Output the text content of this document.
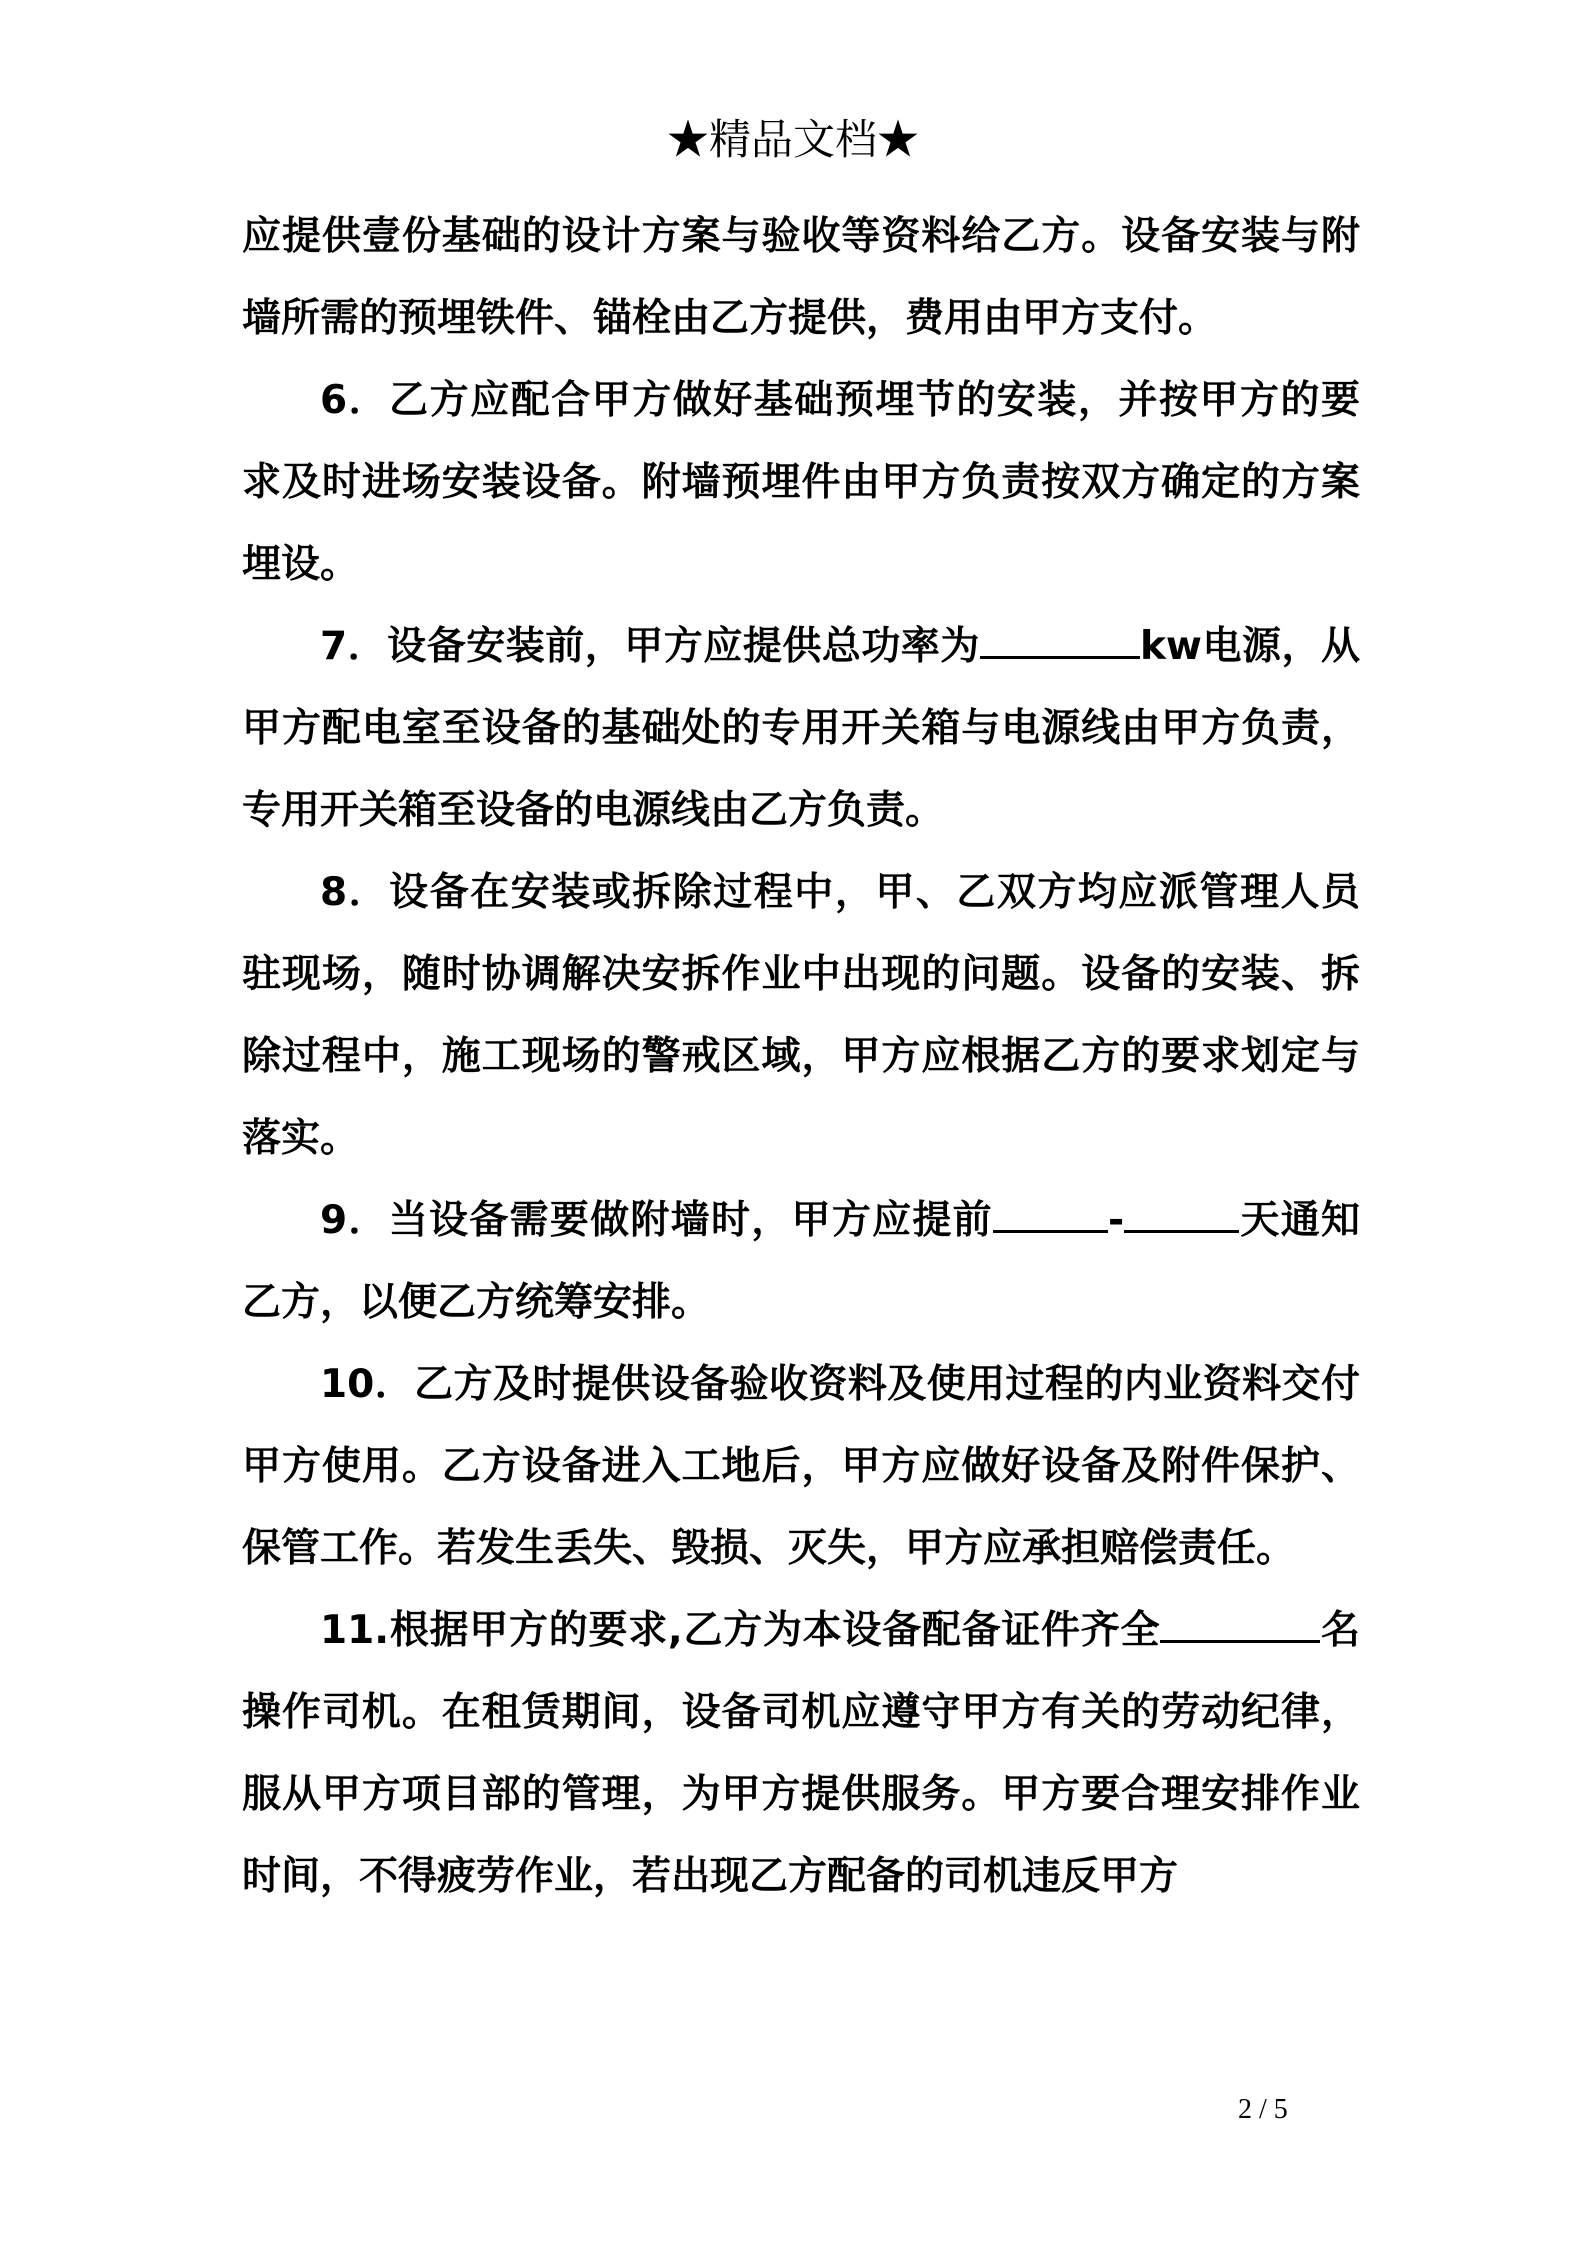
★精品文档★

应提供壹份基础的设计方案与验收等资料给乙方。设备安装与附墙所需的预埋铁件、锚栓由乙方提供，费用由甲方支付。

6．乙方应配合甲方做好基础预埋节的安装，并按甲方的要求及时进场安装设备。附墙预埋件由甲方负责按双方确定的方案埋设。

7．设备安装前，甲方应提供总功率为	kw电源，从甲方配电室至设备的基础处的专用开关箱与电源线由甲方负责，专用开关箱至设备的电源线由乙方负责。

8．设备在安装或拆除过程中，甲、乙双方均应派管理人员驻现场，随时协调解决安拆作业中出现的问题。设备的安装、拆除过程中，施工现场的警戒区域，甲方应根据乙方的要求划定与落实。

9．当设备需要做附墙时，甲方应提前	-	天通知乙方，以便乙方统筹安排。

10．乙方及时提供设备验收资料及使用过程的内业资料交付甲方使用。乙方设备进入工地后，甲方应做好设备及附件保护、保管工作。若发生丢失、毁损、灭失，甲方应承担赔偿责任。

11.根据甲方的要求,乙方为本设备配备证件齐全	名操作司机。在租赁期间，设备司机应遵守甲方有关的劳动纪律，服从甲方项目部的管理，为甲方提供服务。甲方要合理安排作业时间，不得疲劳作业，若出现乙方配备的司机违反甲方

2 / 5
